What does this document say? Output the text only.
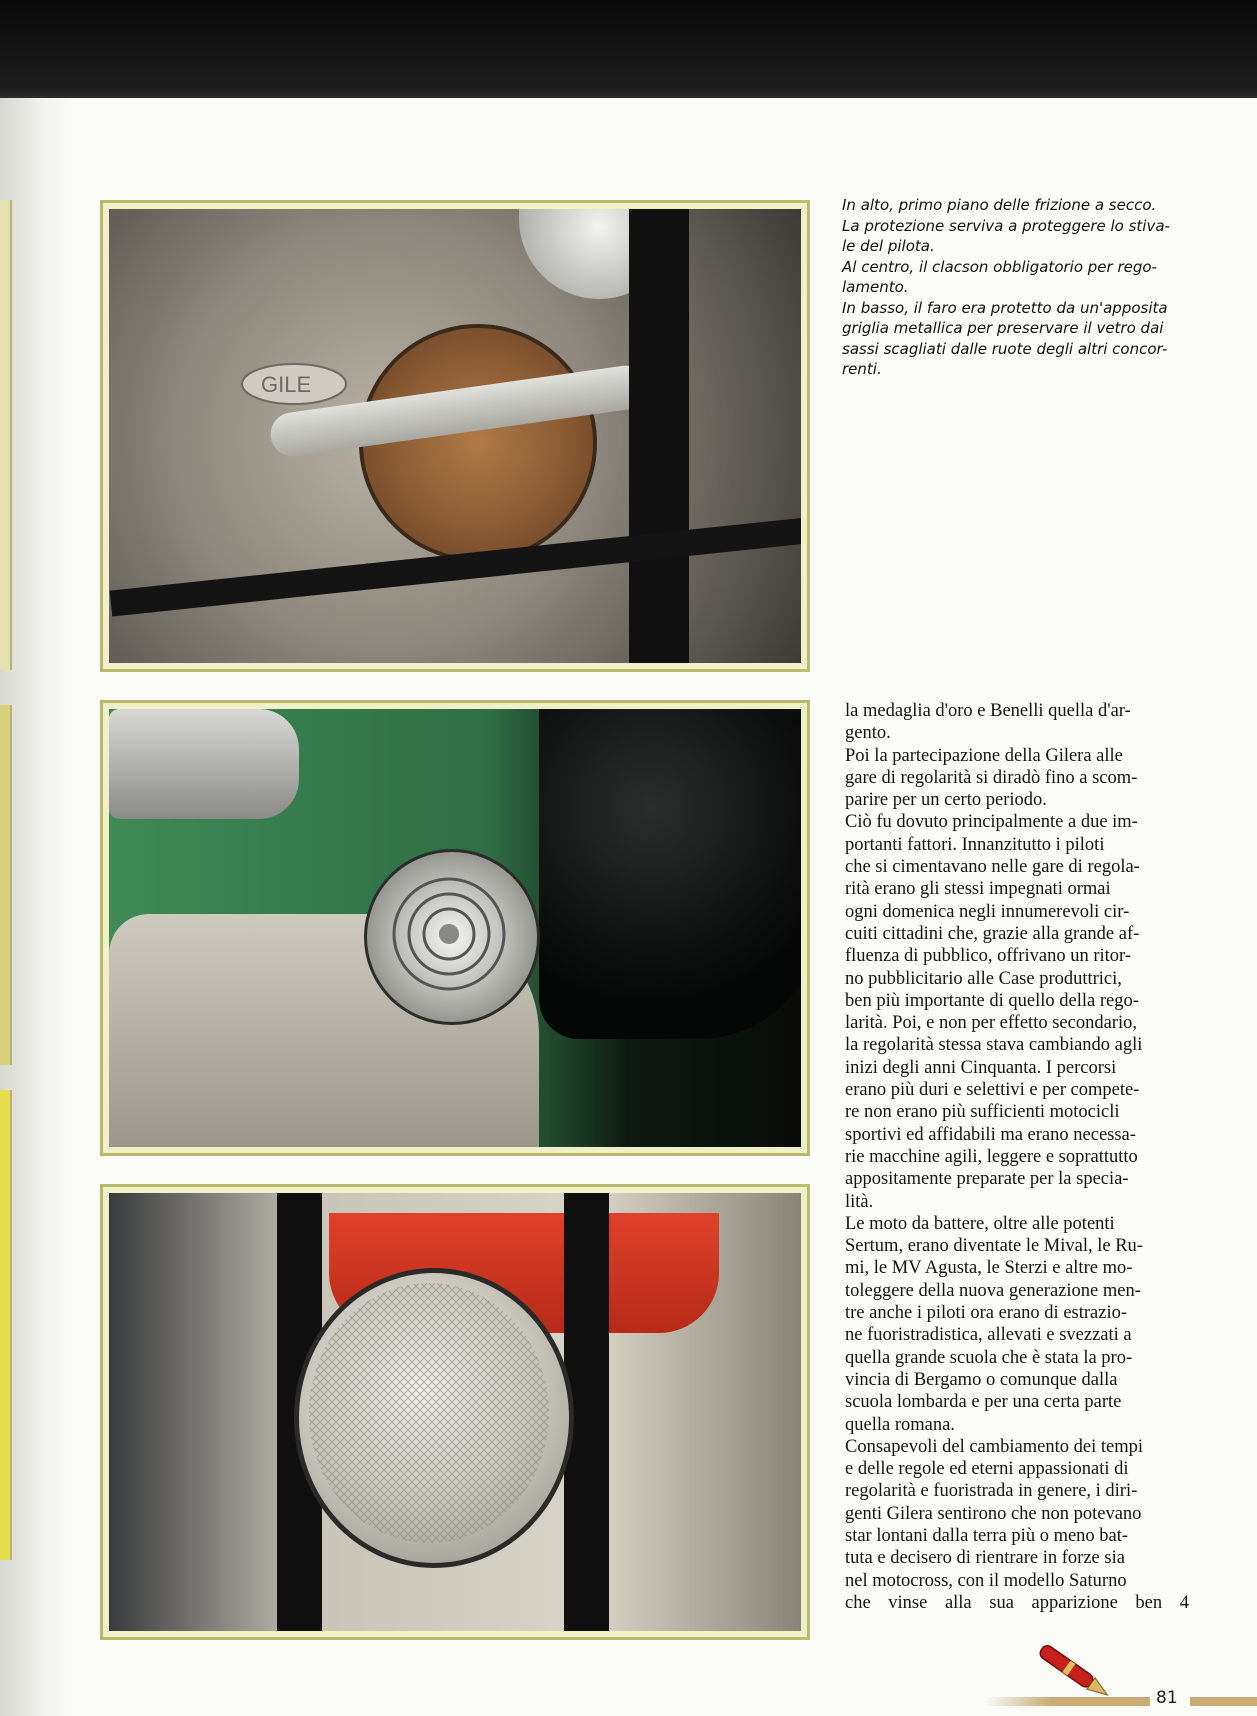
GILE

In alto, primo piano delle frizione a secco.
La protezione serviva a proteggere lo stiva-
le del pilota.
Al centro, il clacson obbligatorio per rego-
lamento.
In basso, il faro era protetto da un'apposita
griglia metallica per preservare il vetro dai
sassi scagliati dalle ruote degli altri concor-
renti.

la medaglia d'oro e Benelli quella d'ar-
gento.
Poi la partecipazione della Gilera alle
gare di regolarità si diradò fino a scom-
parire per un certo periodo.
Ciò fu dovuto principalmente a due im-
portanti fattori. Innanzitutto i piloti
che si cimentavano nelle gare di regola-
rità erano gli stessi impegnati ormai
ogni domenica negli innumerevoli cir-
cuiti cittadini che, grazie alla grande af-
fluenza di pubblico, offrivano un ritor-
no pubblicitario alle Case produttrici,
ben più importante di quello della rego-
larità. Poi, e non per effetto secondario,
la regolarità stessa stava cambiando agli
inizi degli anni Cinquanta. I percorsi
erano più duri e selettivi e per compete-
re non erano più sufficienti motocicli
sportivi ed affidabili ma erano necessa-
rie macchine agili, leggere e soprattutto
appositamente preparate per la specia-
lità.
Le moto da battere, oltre alle potenti
Sertum, erano diventate le Mival, le Ru-
mi, le MV Agusta, le Sterzi e altre mo-
toleggere della nuova generazione men-
tre anche i piloti ora erano di estrazio-
ne fuoristradistica, allevati e svezzati a
quella grande scuola che è stata la pro-
vincia di Bergamo o comunque dalla
scuola lombarda e per una certa parte
quella romana.
Consapevoli del cambiamento dei tempi
e delle regole ed eterni appassionati di
regolarità e fuoristrada in genere, i diri-
genti Gilera sentirono che non potevano
star lontani dalla terra più o meno bat-
tuta e decisero di rientrare in forze sia
nel motocross, con il modello Saturno
che vinse alla sua apparizione ben 4

81
